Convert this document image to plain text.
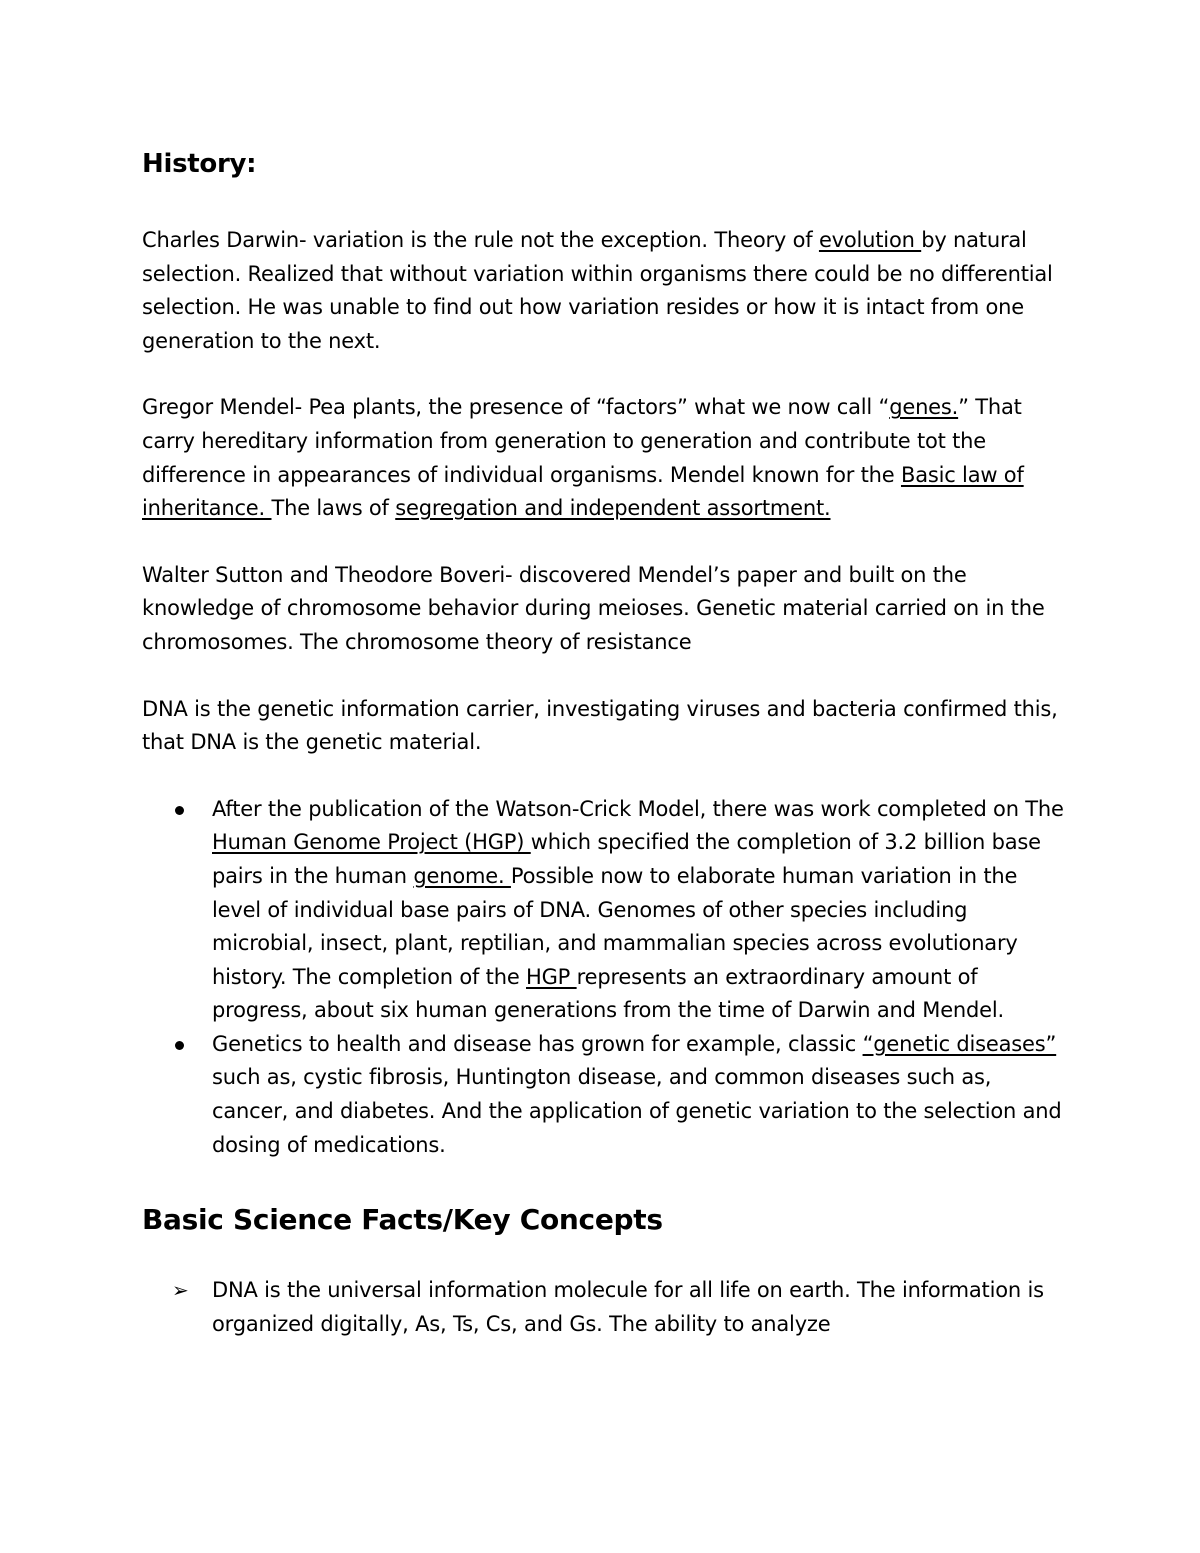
History:

Charles Darwin- variation is the rule not the exception. Theory of evolution by natural selection. Realized that without variation within organisms there could be no differential selection. He was unable to find out how variation resides or how it is intact from one generation to the next.

Gregor Mendel- Pea plants, the presence of “factors” what we now call “genes.” That carry hereditary information from generation to generation and contribute tot the difference in appearances of individual organisms. Mendel known for the Basic law of inheritance. The laws of segregation and independent assortment.

Walter Sutton and Theodore Boveri- discovered Mendel’s paper and built on the knowledge of chromosome behavior during meioses. Genetic material carried on in the chromosomes. The chromosome theory of resistance

DNA is the genetic information carrier, investigating viruses and bacteria confirmed this, that DNA is the genetic material.

After the publication of the Watson-Crick Model, there was work completed on The Human Genome Project (HGP) which specified the completion of 3.2 billion base pairs in the human genome. Possible now to elaborate human variation in the level of individual base pairs of DNA. Genomes of other species including microbial, insect, plant, reptilian, and mammalian species across evolutionary history. The completion of the HGP represents an extraordinary amount of progress, about six human generations from the time of Darwin and Mendel.
Genetics to health and disease has grown for example, classic “genetic diseases” such as, cystic fibrosis, Huntington disease, and common diseases such as, cancer, and diabetes. And the application of genetic variation to the selection and dosing of medications.
Basic Science Facts/Key Concepts
➢ DNA is the universal information molecule for all life on earth. The information is organized digitally, As, Ts, Cs, and Gs. The ability to analyze
